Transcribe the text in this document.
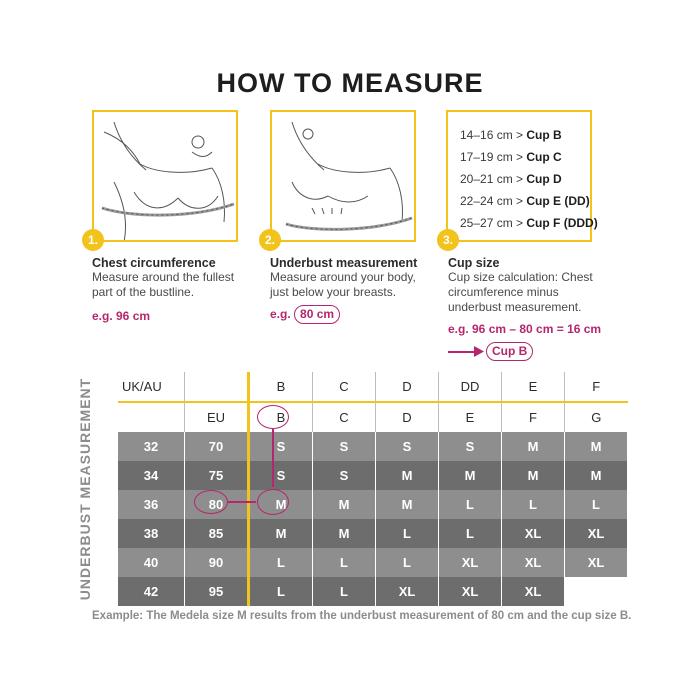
HOW TO MEASURE
1.	2.	3.
14–16 cm > Cup B
17–19 cm > Cup C
20–21 cm > Cup D
22–24 cm > Cup E (DD)
25–27 cm > Cup F (DDD)
Chest circumference
Measure around the fullest part of the bustline.
e.g. 96 cm
Underbust measurement
Measure around your body, just below your breasts.
e.g. 80 cm
Cup size
Cup size calculation: Chest circumference minus underbust measurement.
e.g. 96 cm – 80 cm = 16 cm
Cup B
UNDERBUST MEASUREMENT UK/AU		B	C	D	DD	E	F
	EU	B	C	D	E	F	G
32	70	S	S	S	S	M	M
34	75	S	S	M	M	M	M
36	80	M	M	M	L	L	L
38	85	M	M	L	L	XL	XL
40	90	L	L	L	XL	XL	XL
42	95	L	L	XL	XL	XL	
Example: The Medela size M results from the underbust measurement of 80 cm and the cup size B.
